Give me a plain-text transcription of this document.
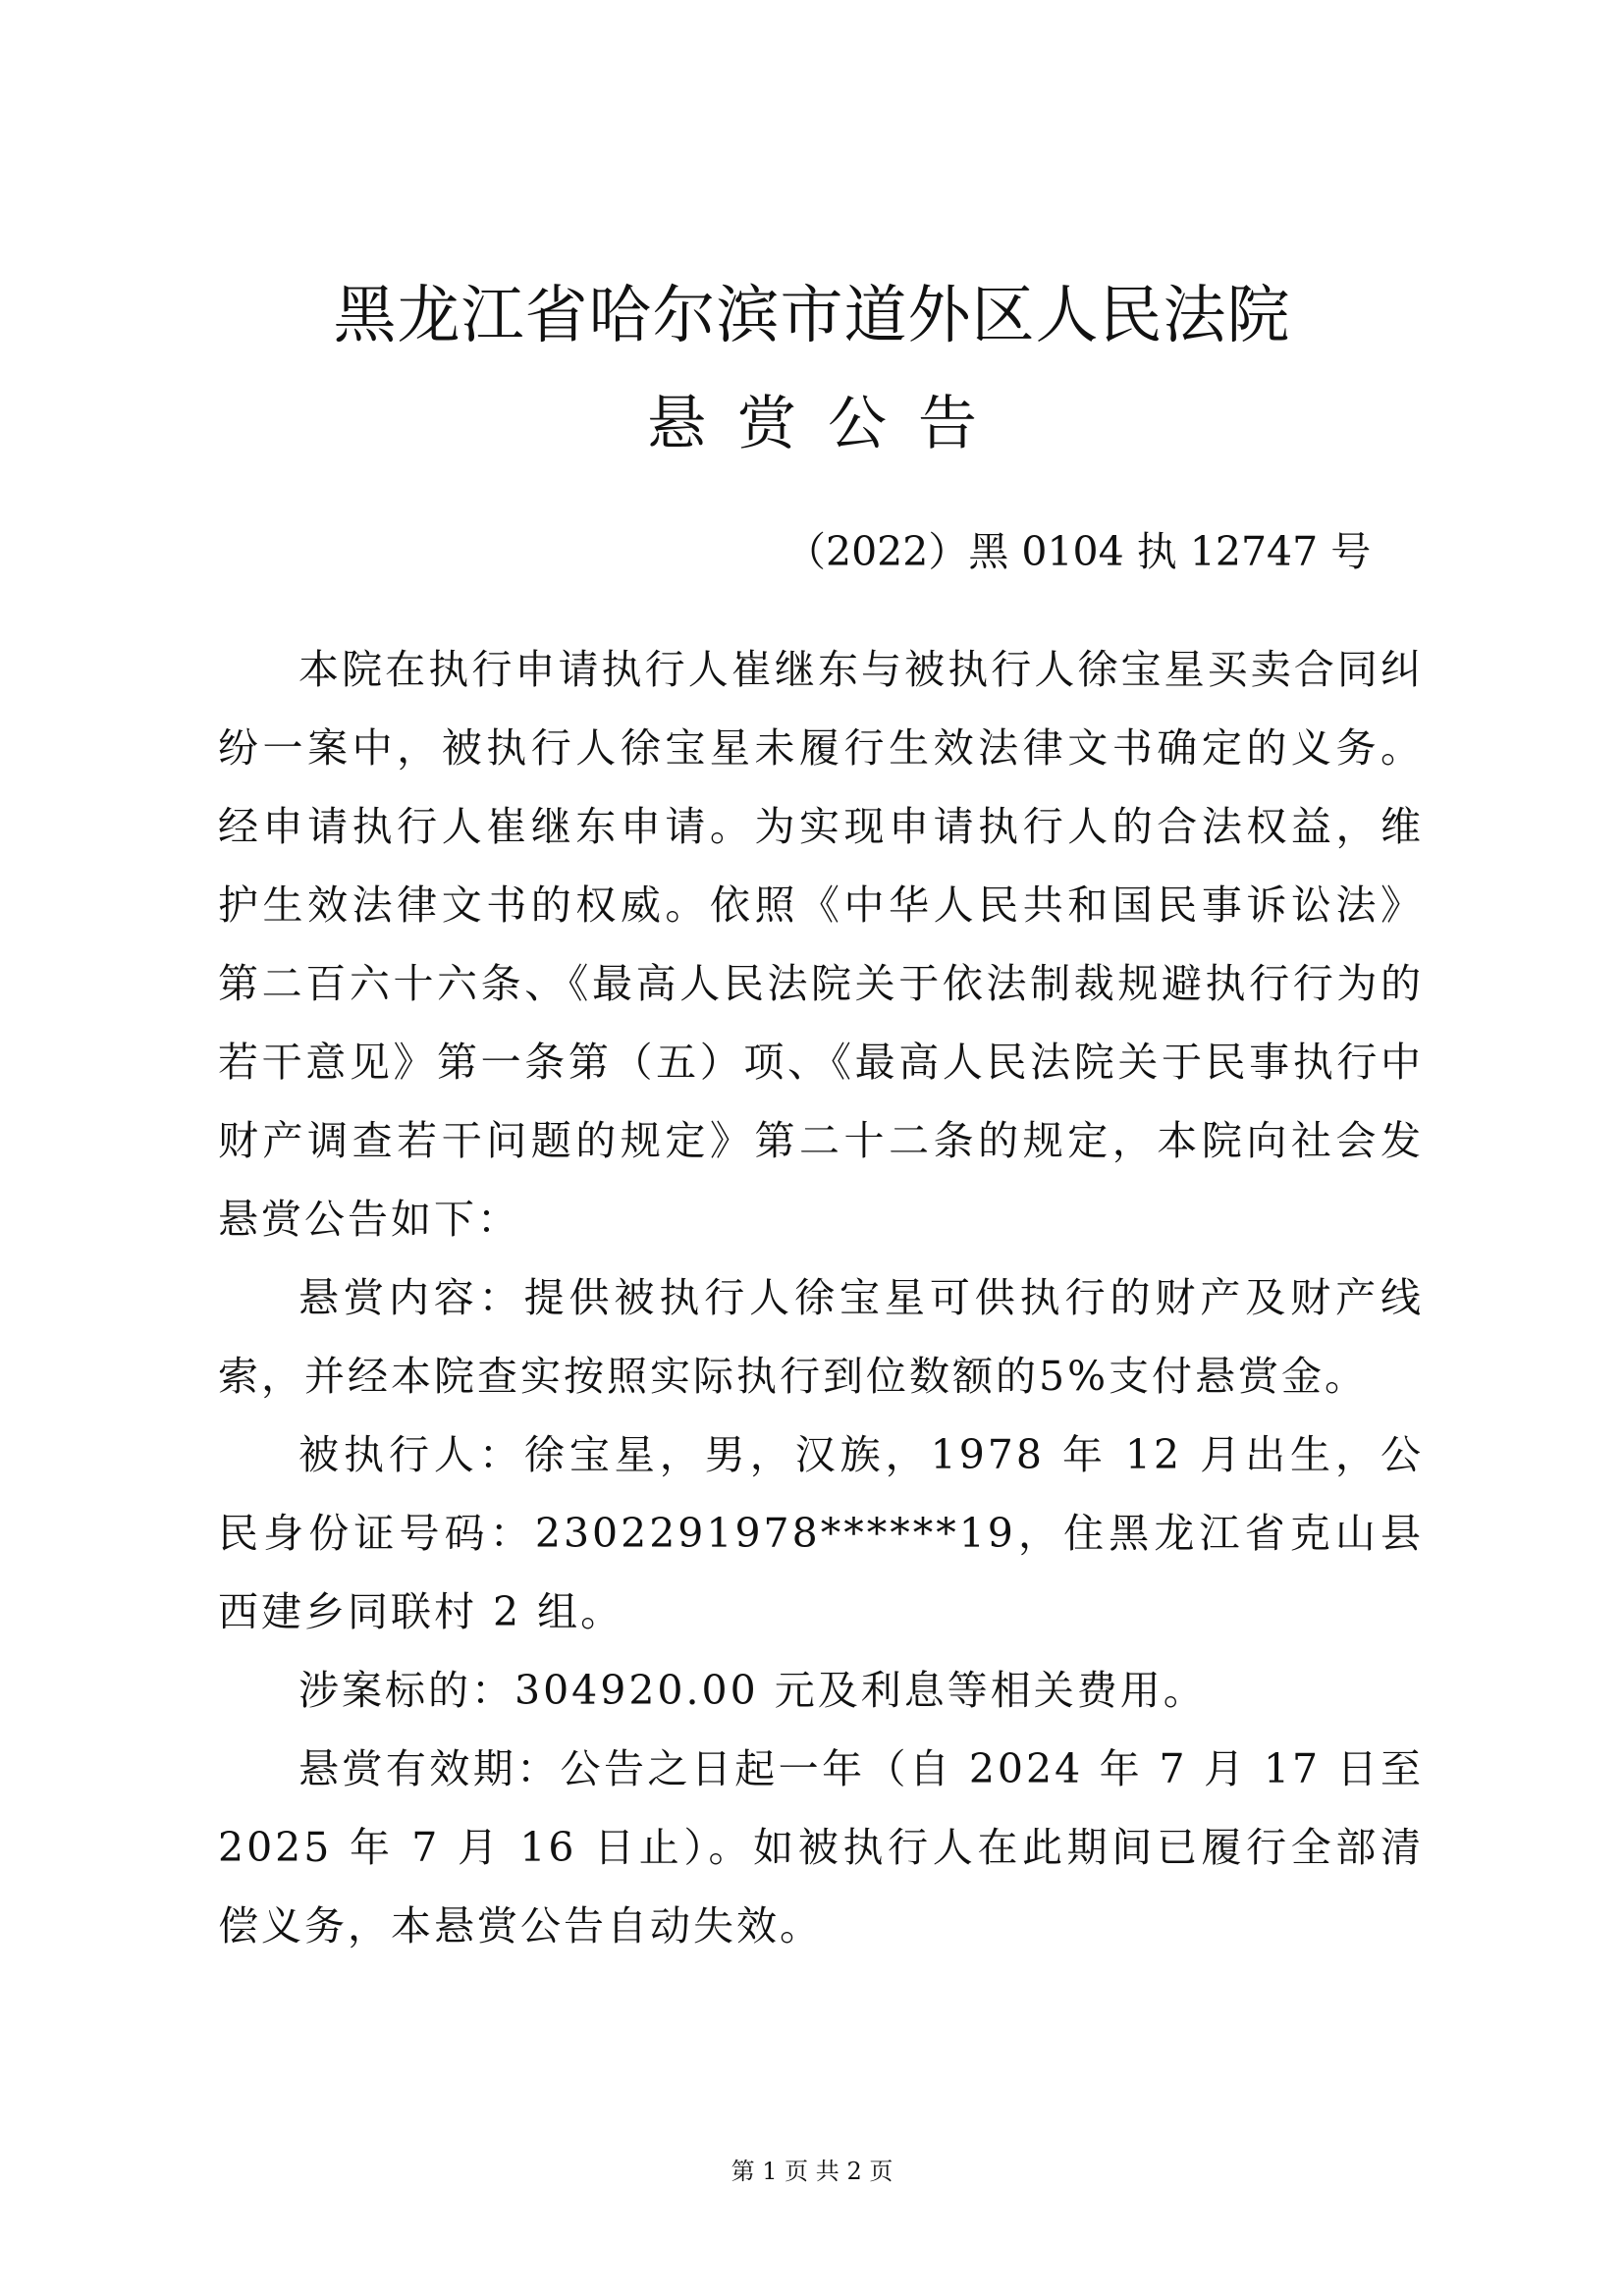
黑龙江省哈尔滨市道外区人民法院
悬赏公告
（2022）黑 0104 执 12747 号

本院在执行申请执行人崔继东与被执行人徐宝星买卖合同纠纷一案中，被执行人徐宝星未履行生效法律文书确定的义务。经申请执行人崔继东申请。为实现申请执行人的合法权益，维护生效法律文书的权威。依照《中华人民共和国民事诉讼法》第二百六十六条、《最高人民法院关于依法制裁规避执行行为的若干意见》第一条第（五）项、《最高人民法院关于民事执行中财产调查若干问题的规定》第二十二条的规定，本院向社会发悬赏公告如下：

悬赏内容：提供被执行人徐宝星可供执行的财产及财产线索，并经本院查实按照实际执行到位数额的5%支付悬赏金。

被执行人：徐宝星，男，汉族，1978 年 12 月出生，公民身份证号码：2302291978******19，住黑龙江省克山县西建乡同联村 2 组。

涉案标的：304920.00 元及利息等相关费用。

悬赏有效期：公告之日起一年（自 2024 年 7 月 17 日至 2025 年 7 月 16 日止）。如被执行人在此期间已履行全部清偿义务，本悬赏公告自动失效。

第 1 页 共 2 页
